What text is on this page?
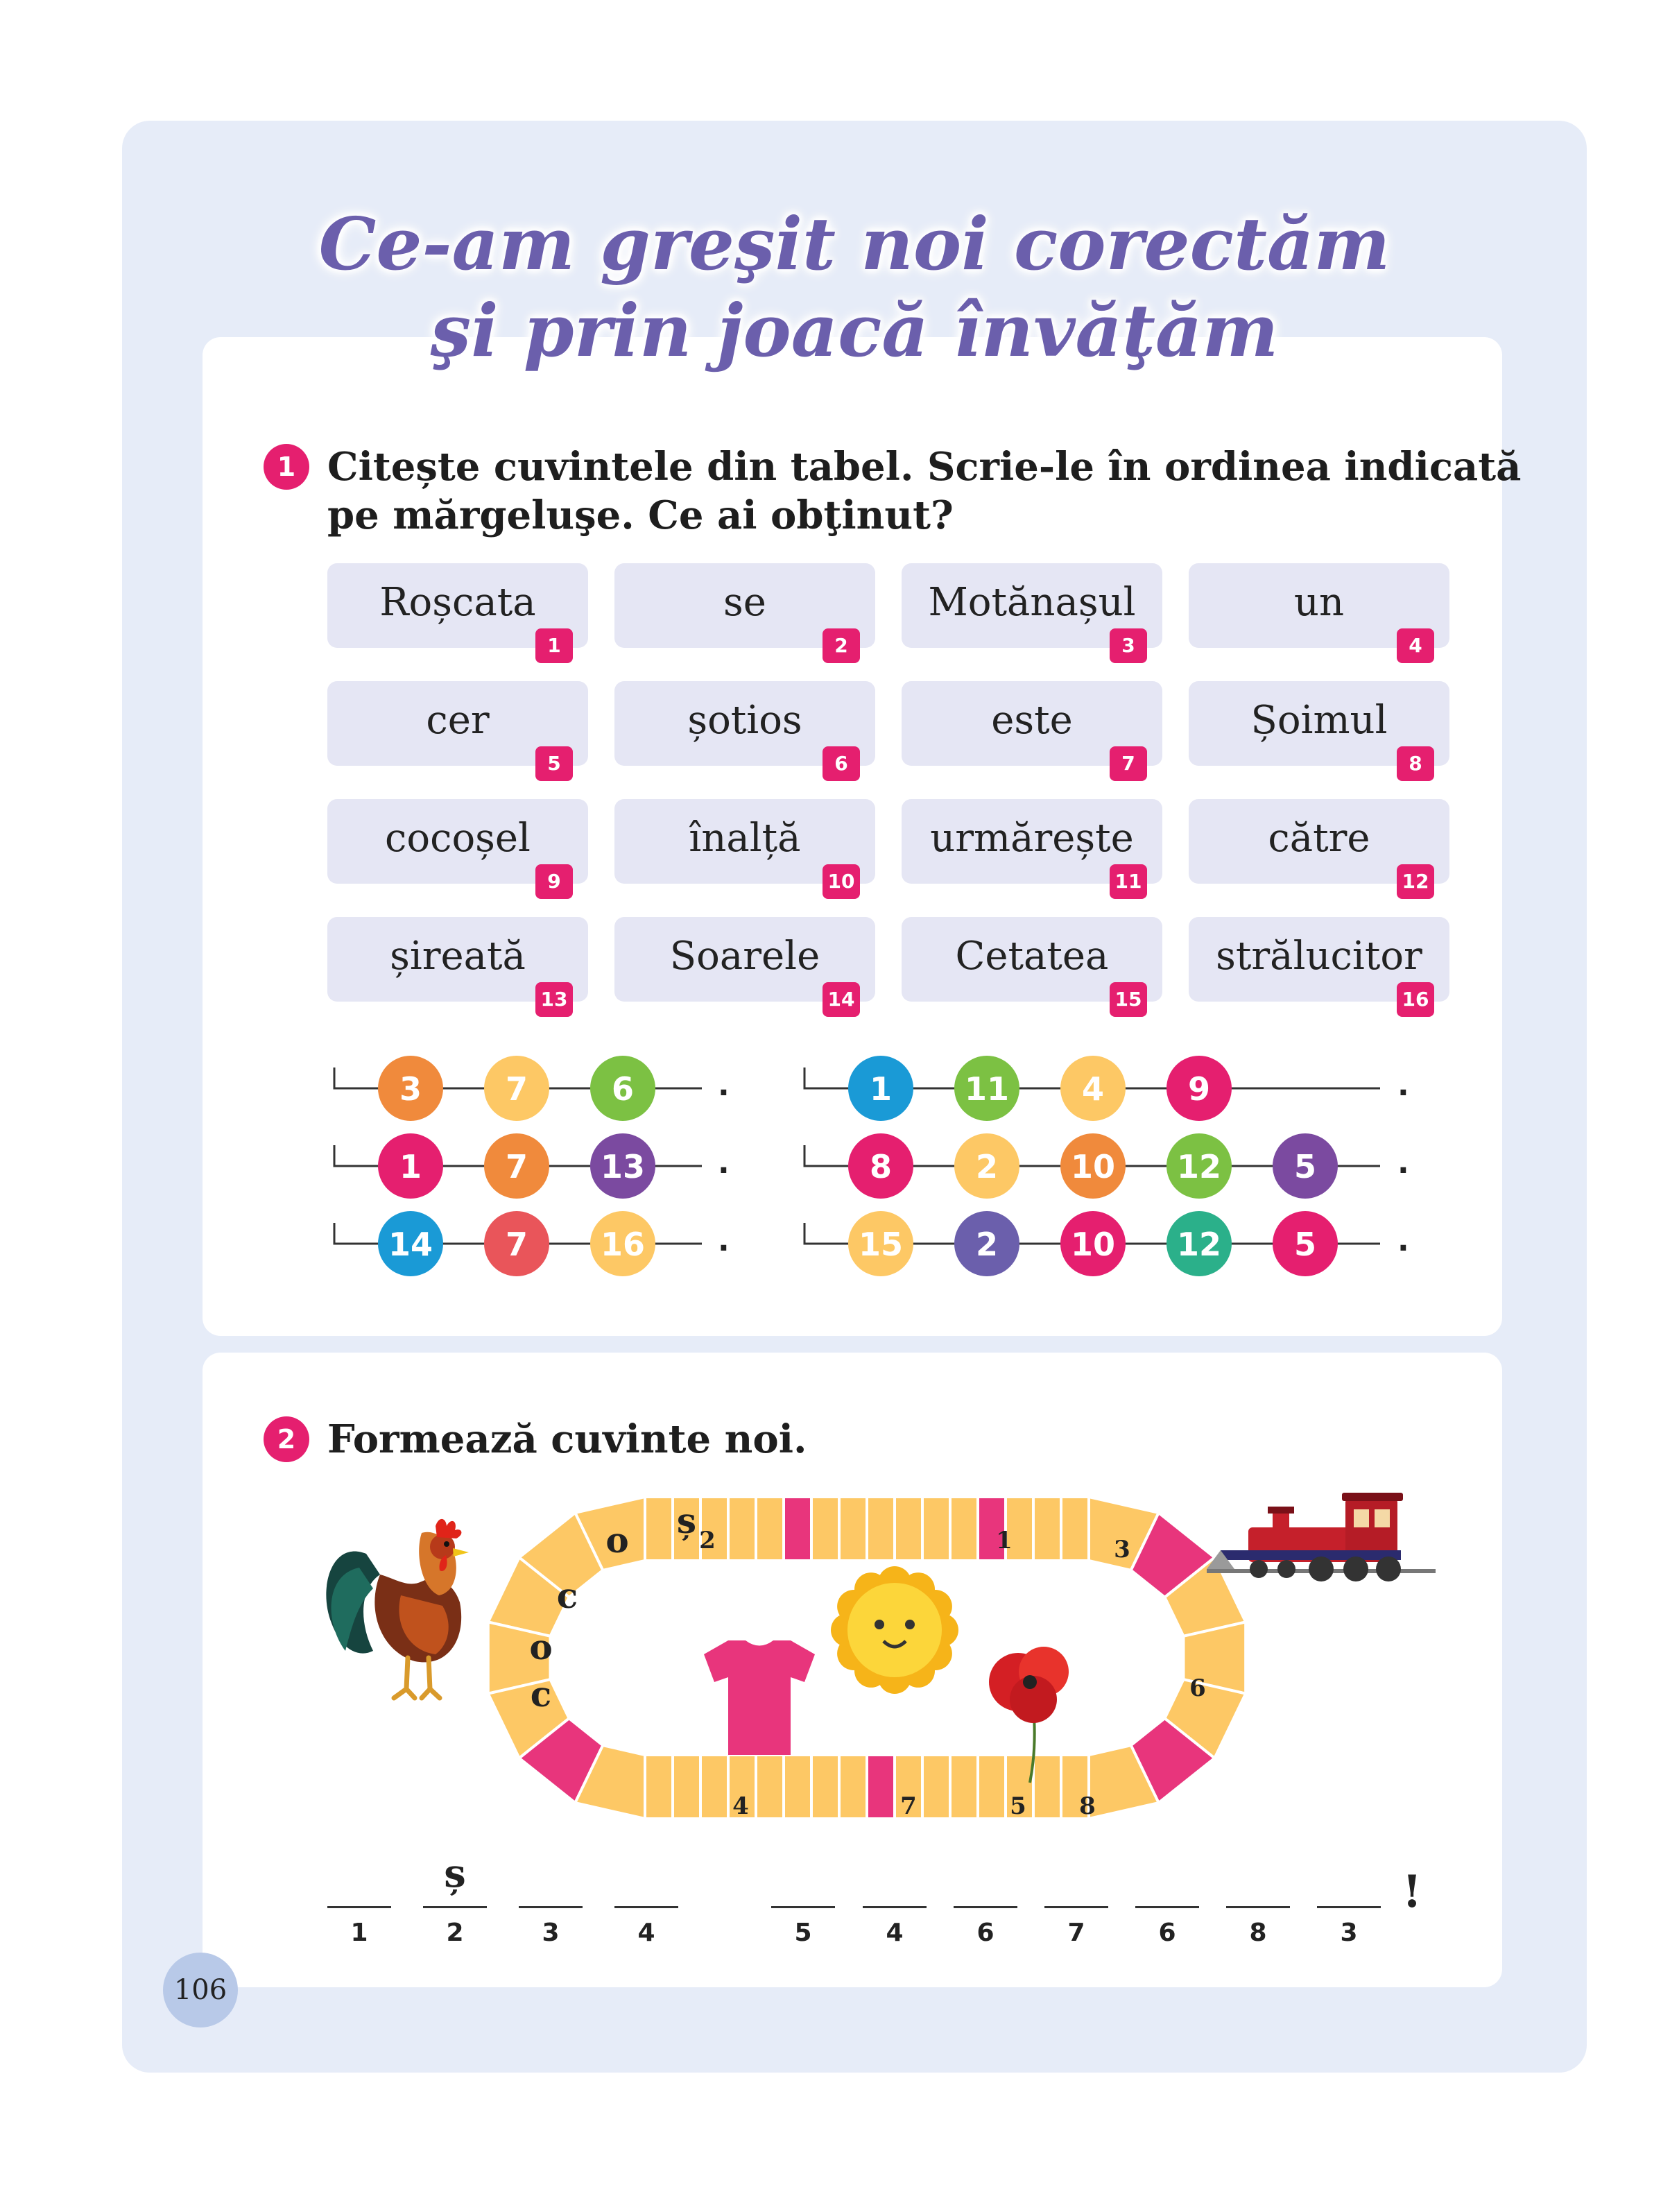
Ce-am greşit noi corectăm
şi prin joacă învăţăm
1 Citește cuvintele din tabel. Scrie-le în ordinea indicată

pe mărgeluşe. Ce ai obţinut?

Roșcata
1
se
2
Motănașul
3
un
4
cer
5
șotios
6
este
7
Șoimul
8
cocoșel
9
înalță
10
urmărește
11
către
12
șireată
13
Soarele
14
Cetatea
15
strălucitor
16
.
3	7	6
.
1	7 13
.
14 7 16
.
1 11 4	9
.
8	2 10 12 5
.
15 2 10 12 5
2 Formează cuvinte noi.

c
o
c
o ș 2	1	3
6
4	7	5 8
ș
1	2	3	4	5	4	6	7	6	8	3
!
106
